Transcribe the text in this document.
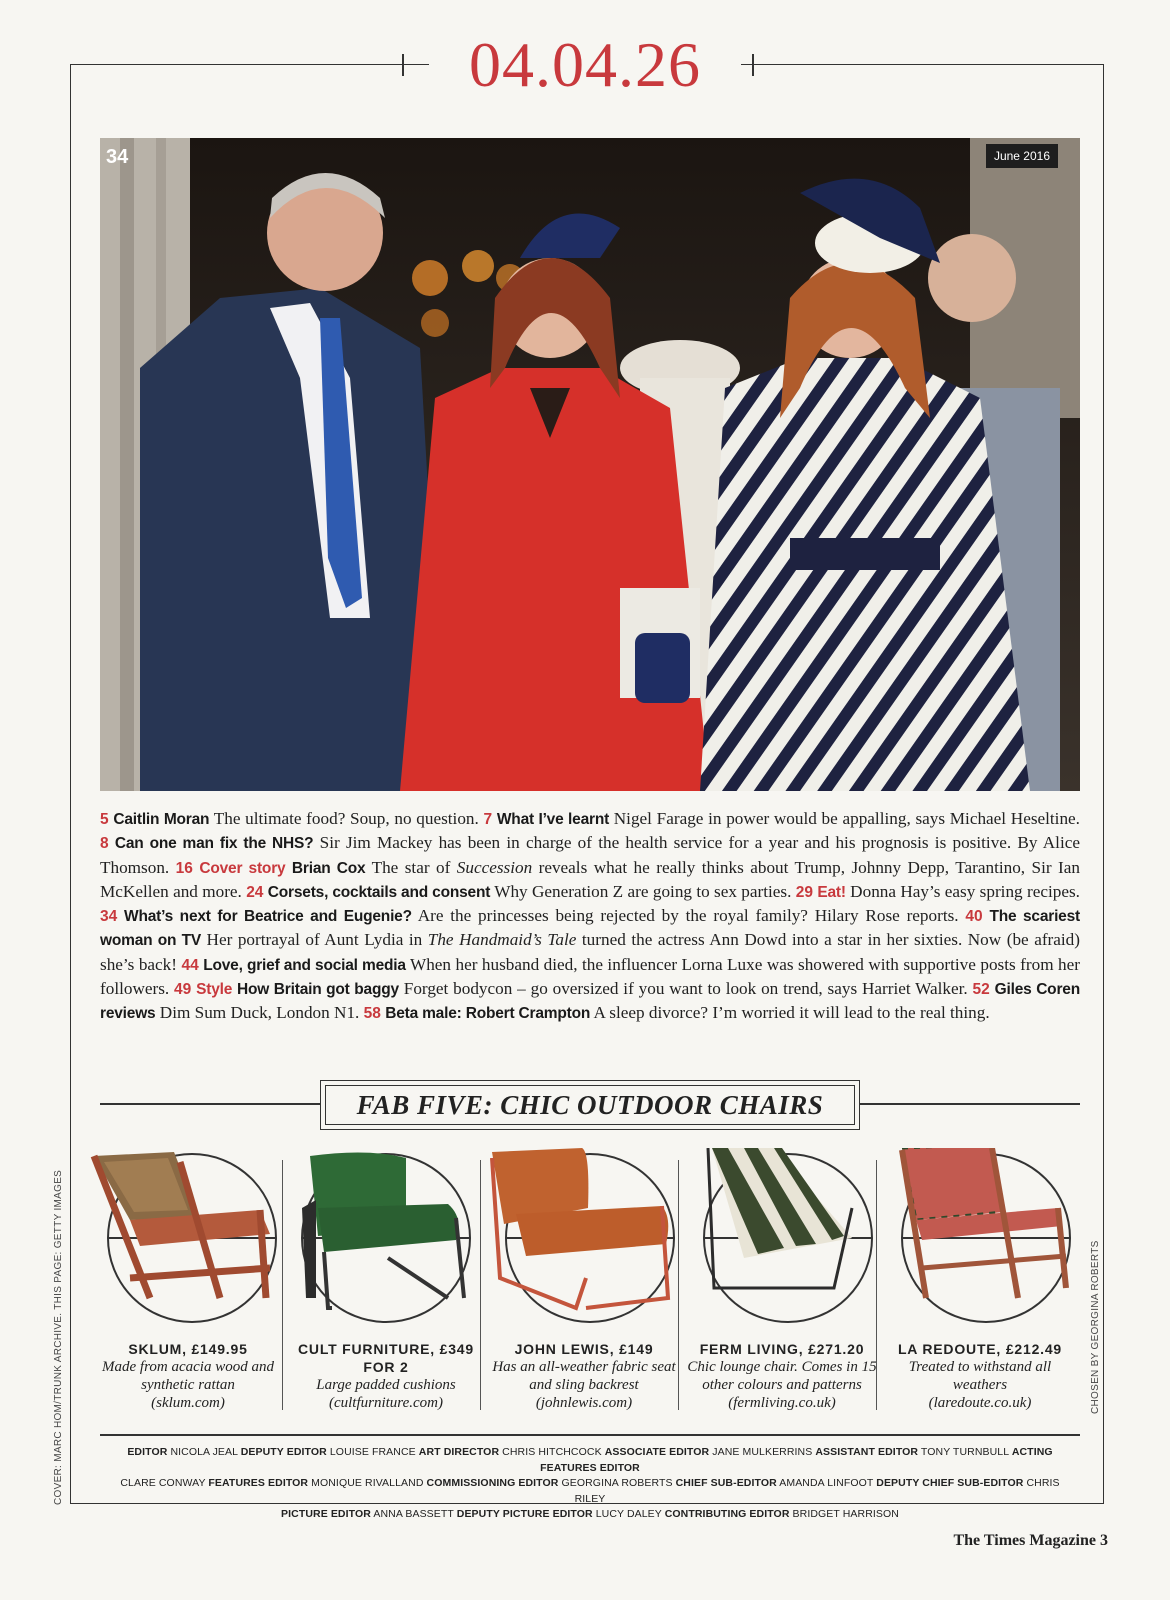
04.04.26
COVER: MARC HOM/TRUNK ARCHIVE. THIS PAGE: GETTY IMAGES	CHOSEN BY GEORGINA ROBERTS
34	June 2016
5 Caitlin Moran The ultimate food? Soup, no question. 7 What I’ve learnt Nigel Farage in power would be appalling, says Michael Heseltine. 8 Can one man fix the NHS? Sir Jim Mackey has been in charge of the health service for a year and his prognosis is positive. By Alice Thomson. 16 Cover story Brian Cox The star of Succession reveals what he really thinks about Trump, Johnny Depp, Tarantino, Sir Ian McKellen and more. 24 Corsets, cocktails and consent Why Generation Z are going to sex parties. 29 Eat! Donna Hay’s easy spring recipes. 34 What’s next for Beatrice and Eugenie? Are the princesses being rejected by the royal family? Hilary Rose reports. 40 The scariest woman on TV Her portrayal of Aunt Lydia in The Handmaid’s Tale turned the actress Ann Dowd into a star in her sixties. Now (be afraid) she’s back! 44 Love, grief and social media When her husband died, the influencer Lorna Luxe was showered with supportive posts from her followers. 49 Style How Britain got baggy Forget bodycon – go oversized if you want to look on trend, says Harriet Walker. 52 Giles Coren reviews Dim Sum Duck, London N1. 58 Beta male: Robert Crampton A sleep divorce? I’m worried it will lead to the real thing.
FAB FIVE: CHIC OUTDOOR CHAIRS
SKLUM, £149.95
Made from acacia wood and synthetic rattan
(sklum.com)
CULT FURNITURE, £349 FOR 2
Large padded cushions
(cultfurniture.com)
JOHN LEWIS, £149
Has an all-weather fabric seat and sling backrest
(johnlewis.com)
FERM LIVING, £271.20
Chic lounge chair. Comes in 15 other colours and patterns
(fermliving.co.uk)
LA REDOUTE, £212.49
Treated to withstand all weathers
(laredoute.co.uk)
EDITOR NICOLA JEAL DEPUTY EDITOR LOUISE FRANCE ART DIRECTOR CHRIS HITCHCOCK ASSOCIATE EDITOR JANE MULKERRINS ASSISTANT EDITOR TONY TURNBULL ACTING FEATURES EDITOR
CLARE CONWAY FEATURES EDITOR MONIQUE RIVALLAND COMMISSIONING EDITOR GEORGINA ROBERTS CHIEF SUB-EDITOR AMANDA LINFOOT DEPUTY CHIEF SUB-EDITOR CHRIS RILEY
PICTURE EDITOR ANNA BASSETT DEPUTY PICTURE EDITOR LUCY DALEY CONTRIBUTING EDITOR BRIDGET HARRISON
The Times Magazine 3
